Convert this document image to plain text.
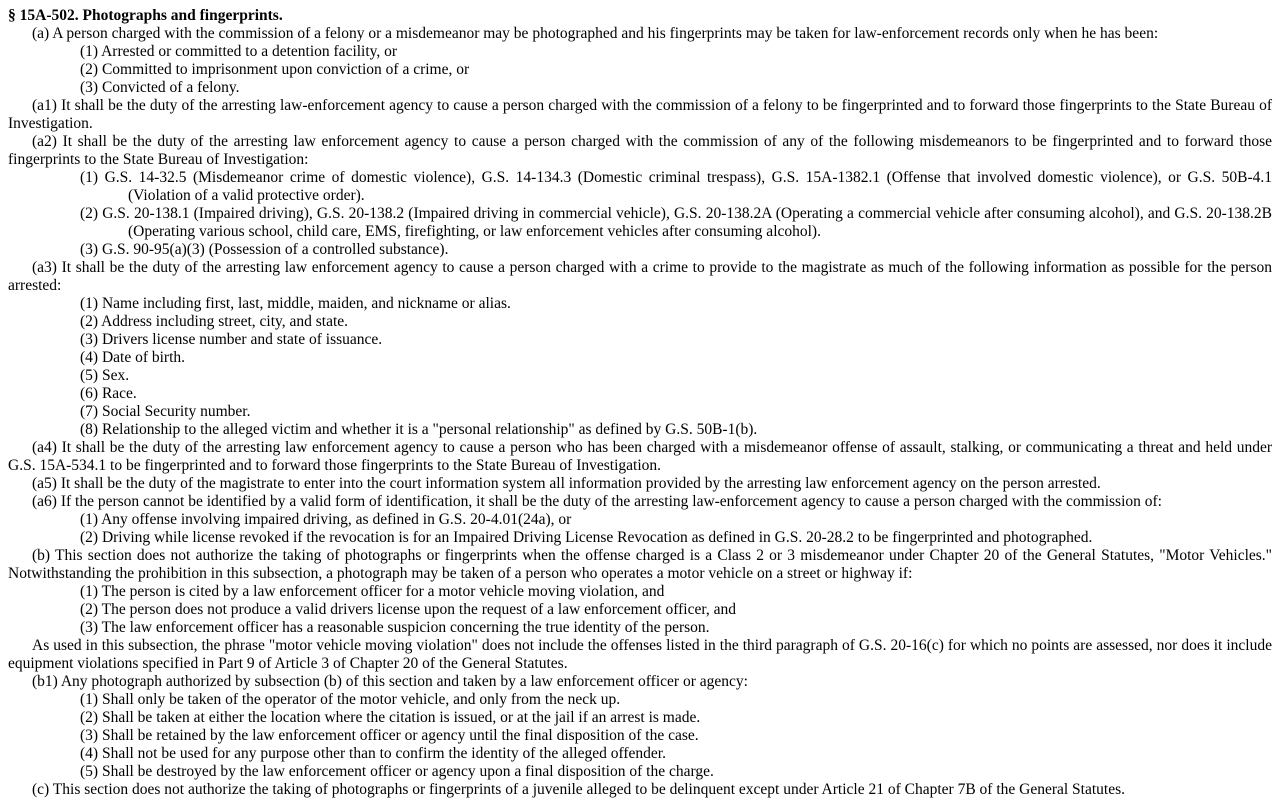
§ 15A-502. Photographs and fingerprints.

(a) A person charged with the commission of a felony or a misdemeanor may be photographed and his fingerprints may be taken for law-enforcement records only when he has been:

(1) Arrested or committed to a detention facility, or

(2) Committed to imprisonment upon conviction of a crime, or

(3) Convicted of a felony.

(a1) It shall be the duty of the arresting law-enforcement agency to cause a person charged with the commission of a felony to be fingerprinted and to forward those fingerprints to the State Bureau of Investigation.

(a2) It shall be the duty of the arresting law enforcement agency to cause a person charged with the commission of any of the following misdemeanors to be fingerprinted and to forward those fingerprints to the State Bureau of Investigation:

(1) G.S. 14-32.5 (Misdemeanor crime of domestic violence), G.S. 14-134.3 (Domestic criminal trespass), G.S. 15A-1382.1 (Offense that involved domestic violence), or G.S. 50B-4.1 (Violation of a valid protective order).

(2) G.S. 20-138.1 (Impaired driving), G.S. 20-138.2 (Impaired driving in commercial vehicle), G.S. 20-138.2A (Operating a commercial vehicle after consuming alcohol), and G.S. 20-138.2B (Operating various school, child care, EMS, firefighting, or law enforcement vehicles after consuming alcohol).

(3) G.S. 90-95(a)(3) (Possession of a controlled substance).

(a3) It shall be the duty of the arresting law enforcement agency to cause a person charged with a crime to provide to the magistrate as much of the following information as possible for the person arrested:

(1) Name including first, last, middle, maiden, and nickname or alias.

(2) Address including street, city, and state.

(3) Drivers license number and state of issuance.

(4) Date of birth.

(5) Sex.

(6) Race.

(7) Social Security number.

(8) Relationship to the alleged victim and whether it is a "personal relationship" as defined by G.S. 50B-1(b).

(a4) It shall be the duty of the arresting law enforcement agency to cause a person who has been charged with a misdemeanor offense of assault, stalking, or communicating a threat and held under G.S. 15A-534.1 to be fingerprinted and to forward those fingerprints to the State Bureau of Investigation.

(a5) It shall be the duty of the magistrate to enter into the court information system all information provided by the arresting law enforcement agency on the person arrested.

(a6) If the person cannot be identified by a valid form of identification, it shall be the duty of the arresting law-enforcement agency to cause a person charged with the commission of:

(1) Any offense involving impaired driving, as defined in G.S. 20-4.01(24a), or

(2) Driving while license revoked if the revocation is for an Impaired Driving License Revocation as defined in G.S. 20-28.2 to be fingerprinted and photographed.

(b) This section does not authorize the taking of photographs or fingerprints when the offense charged is a Class 2 or 3 misdemeanor under Chapter 20 of the General Statutes, "Motor Vehicles." Notwithstanding the prohibition in this subsection, a photograph may be taken of a person who operates a motor vehicle on a street or highway if:

(1) The person is cited by a law enforcement officer for a motor vehicle moving violation, and

(2) The person does not produce a valid drivers license upon the request of a law enforcement officer, and

(3) The law enforcement officer has a reasonable suspicion concerning the true identity of the person.

As used in this subsection, the phrase "motor vehicle moving violation" does not include the offenses listed in the third paragraph of G.S. 20-16(c) for which no points are assessed, nor does it include equipment violations specified in Part 9 of Article 3 of Chapter 20 of the General Statutes.

(b1) Any photograph authorized by subsection (b) of this section and taken by a law enforcement officer or agency:

(1) Shall only be taken of the operator of the motor vehicle, and only from the neck up.

(2) Shall be taken at either the location where the citation is issued, or at the jail if an arrest is made.

(3) Shall be retained by the law enforcement officer or agency until the final disposition of the case.

(4) Shall not be used for any purpose other than to confirm the identity of the alleged offender.

(5) Shall be destroyed by the law enforcement officer or agency upon a final disposition of the charge.

(c) This section does not authorize the taking of photographs or fingerprints of a juvenile alleged to be delinquent except under Article 21 of Chapter 7B of the General Statutes.
